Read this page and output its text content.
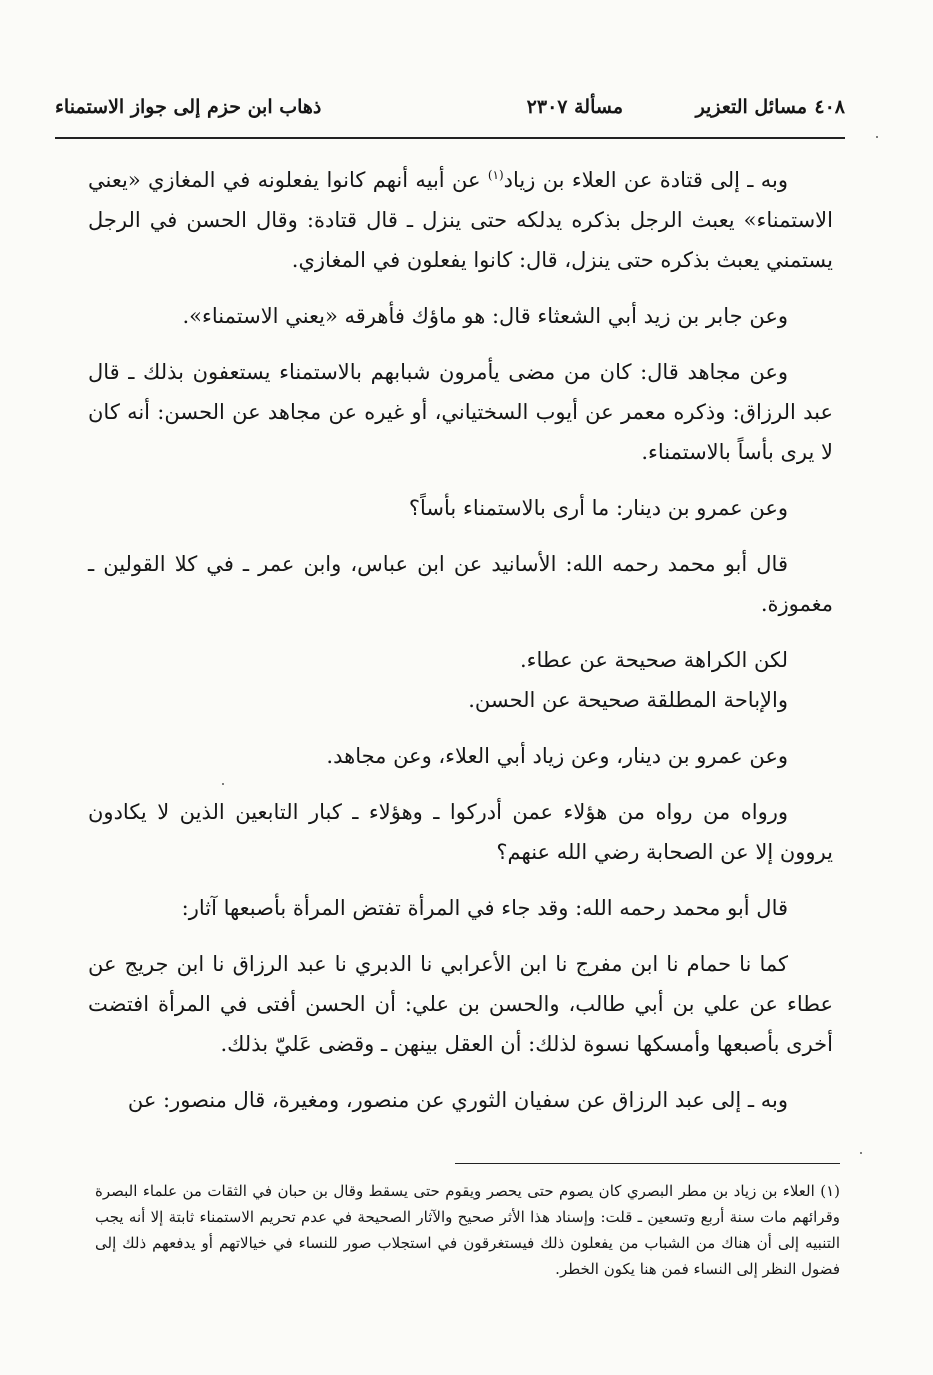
٤٠٨
مسائل التعزير
مسألة ٢٣٠٧
ذهاب ابن حزم إلى جواز الاستمناء

وبه ـ إلى قتادة عن العلاء بن زياد$^{(١)}$ عن أبيه أنهم كانوا يفعلونه في المغازي «يعني الاستمناء» يعبث الرجل بذكره يدلكه حتى ينزل ـ قال قتادة: وقال الحسن في الرجل يستمني يعبث بذكره حتى ينزل، قال: كانوا يفعلون في المغازي.

وعن جابر بن زيد أبي الشعثاء قال: هو ماؤك فأهرقه «يعني الاستمناء».

وعن مجاهد قال: كان من مضى يأمرون شبابهم بالاستمناء يستعفون بذلك ـ قال عبد الرزاق: وذكره معمر عن أيوب السختياني، أو غيره عن مجاهد عن الحسن: أنه كان لا يرى بأساً بالاستمناء.

وعن عمرو بن دينار: ما أرى بالاستمناء بأساً؟

قال أبو محمد رحمه الله: الأسانيد عن ابن عباس، وابن عمر ـ في كلا القولين ـ مغموزة.

لكن الكراهة صحيحة عن عطاء.

والإباحة المطلقة صحيحة عن الحسن.

وعن عمرو بن دينار، وعن زياد أبي العلاء، وعن مجاهد.

ورواه من رواه من هؤلاء عمن أدركوا ـ وهؤلاء ـ كبار التابعين الذين لا يكادون يروون إلا عن الصحابة رضي الله عنهم؟

قال أبو محمد رحمه الله: وقد جاء في المرأة تفتض المرأة بأصبعها آثار:

كما نا حمام نا ابن مفرج نا ابن الأعرابي نا الدبري نا عبد الرزاق نا ابن جريج عن عطاء عن علي بن أبي طالب، والحسن بن علي: أن الحسن أفتى في المرأة افتضت أخرى بأصبعها وأمسكها نسوة لذلك: أن العقل بينهن ـ وقضى عَليّ بذلك.

وبه ـ إلى عبد الرزاق عن سفيان الثوري عن منصور، ومغيرة، قال منصور: عن

(١) العلاء بن زياد بن مطر البصري كان يصوم حتى يحصر ويقوم حتى يسقط وقال بن حبان في الثقات من علماء البصرة وقرائهم مات سنة أربع وتسعين ـ قلت: وإسناد هذا الأثر صحيح والآثار الصحيحة في عدم تحريم الاستمناء ثابتة إلا أنه يجب التنبيه إلى أن هناك من الشباب من يفعلون ذلك فيستغرقون في استجلاب صور للنساء في خيالاتهم أو يدفعهم ذلك إلى فضول النظر إلى النساء فمن هنا يكون الخطر.
